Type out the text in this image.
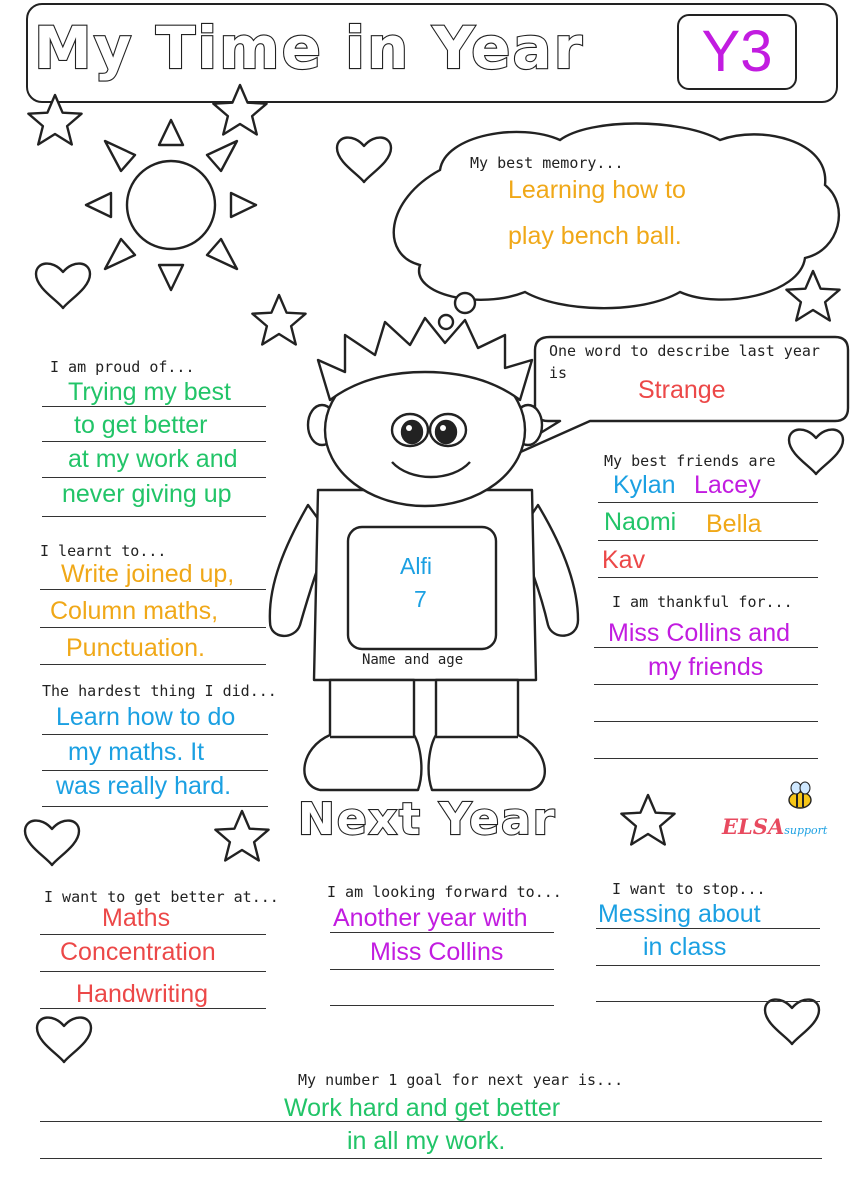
My Time in Year	Y3
My best memory...
Learning how to
play bench ball.
One word to describe last year
is
Strange
I am proud of...
Trying my best
to get better
at my work and
never giving up
My best friends are
Kylan Lacey
Naomi Bella
Kav
I learnt to...
Write joined up,
Column maths,
Punctuation.
Alfi
7
Name and age
I am thankful for...
Miss Collins and
my friends
The hardest thing I did...
Learn how to do
my maths. It
was really hard.
Next Year	ELSAsupport
I want to get better at...
Maths
Concentration
Handwriting
I am looking forward to...
Another year with
Miss Collins
I want to stop...
Messing about
in class
My number 1 goal for next year is...
Work hard and get better
in all my work.
